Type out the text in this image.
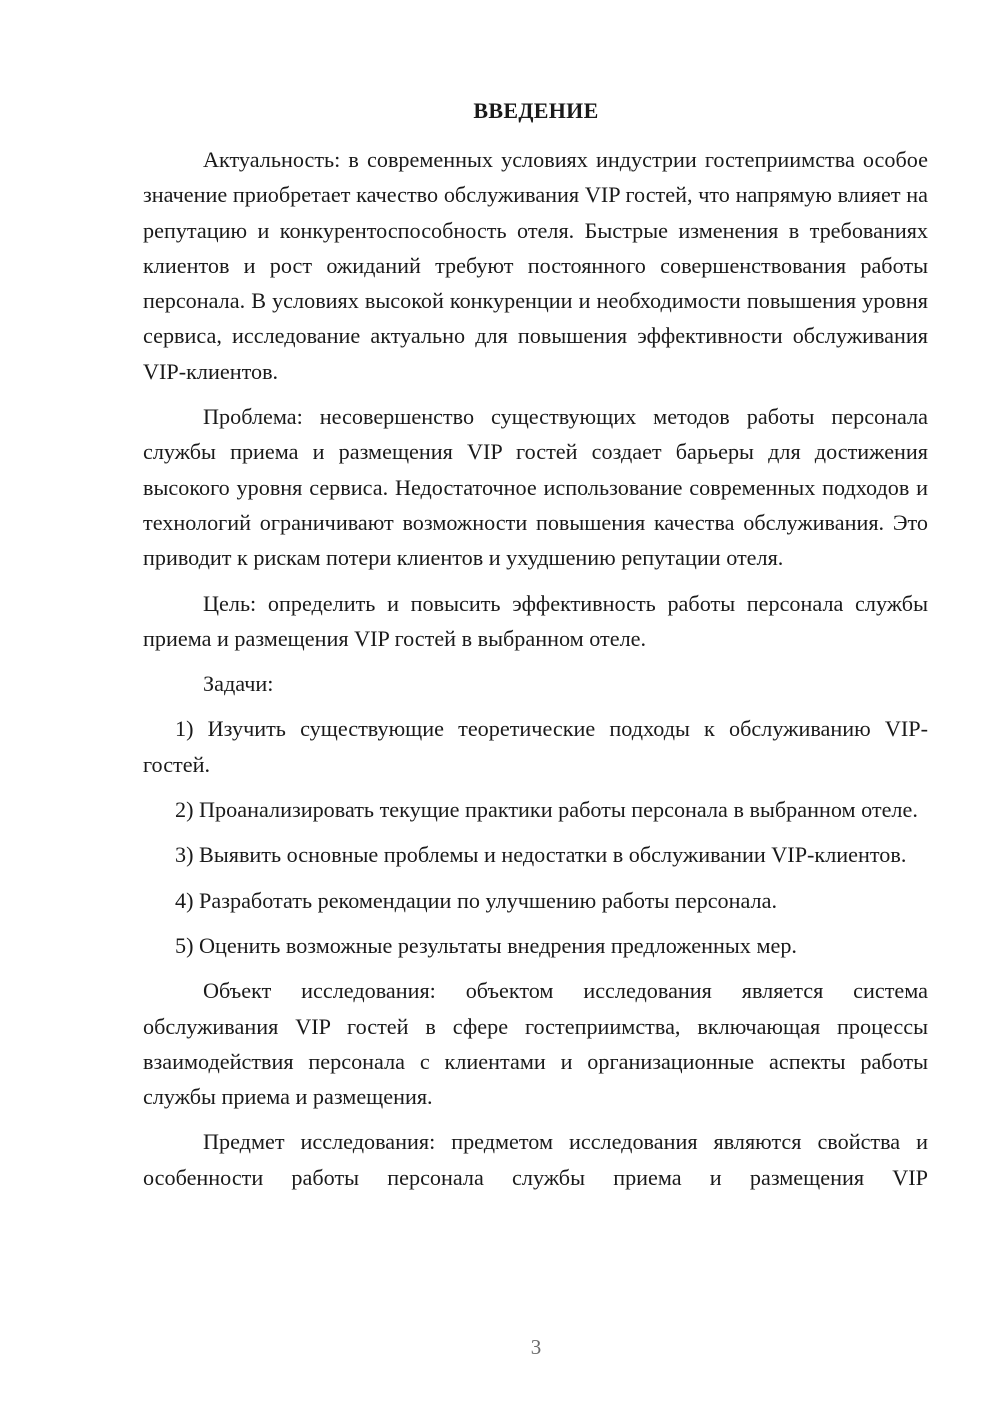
ВВЕДЕНИЕ

Актуальность: в современных условиях индустрии гостеприимства особое значение приобретает качество обслуживания VIP гостей, что напрямую влияет на репутацию и конкурентоспособность отеля. Быстрые изменения в требованиях клиентов и рост ожиданий требуют постоянного совершенствования работы персонала. В условиях высокой конкуренции и необходимости повышения уровня сервиса, исследование актуально для повышения эффективности обслуживания VIP-клиентов.

Проблема: несовершенство существующих методов работы персонала службы приема и размещения VIP гостей создает барьеры для достижения высокого уровня сервиса. Недостаточное использование современных подходов и технологий ограничивают возможности повышения качества обслуживания. Это приводит к рискам потери клиентов и ухудшению репутации отеля.

Цель: определить и повысить эффективность работы персонала службы приема и размещения VIP гостей в выбранном отеле.

Задачи:

1) Изучить существующие теоретические подходы к обслуживанию VIP-гостей.

2) Проанализировать текущие практики работы персонала в выбранном отеле.

3) Выявить основные проблемы и недостатки в обслуживании VIP-клиентов.

4) Разработать рекомендации по улучшению работы персонала.

5) Оценить возможные результаты внедрения предложенных мер.

Объект исследования: объектом исследования является система обслуживания VIP гостей в сфере гостеприимства, включающая процессы взаимодействия персонала с клиентами и организационные аспекты работы службы приема и размещения.

Предмет исследования: предметом исследования являются свойства и особенности работы персонала службы приема и размещения VIP

3
